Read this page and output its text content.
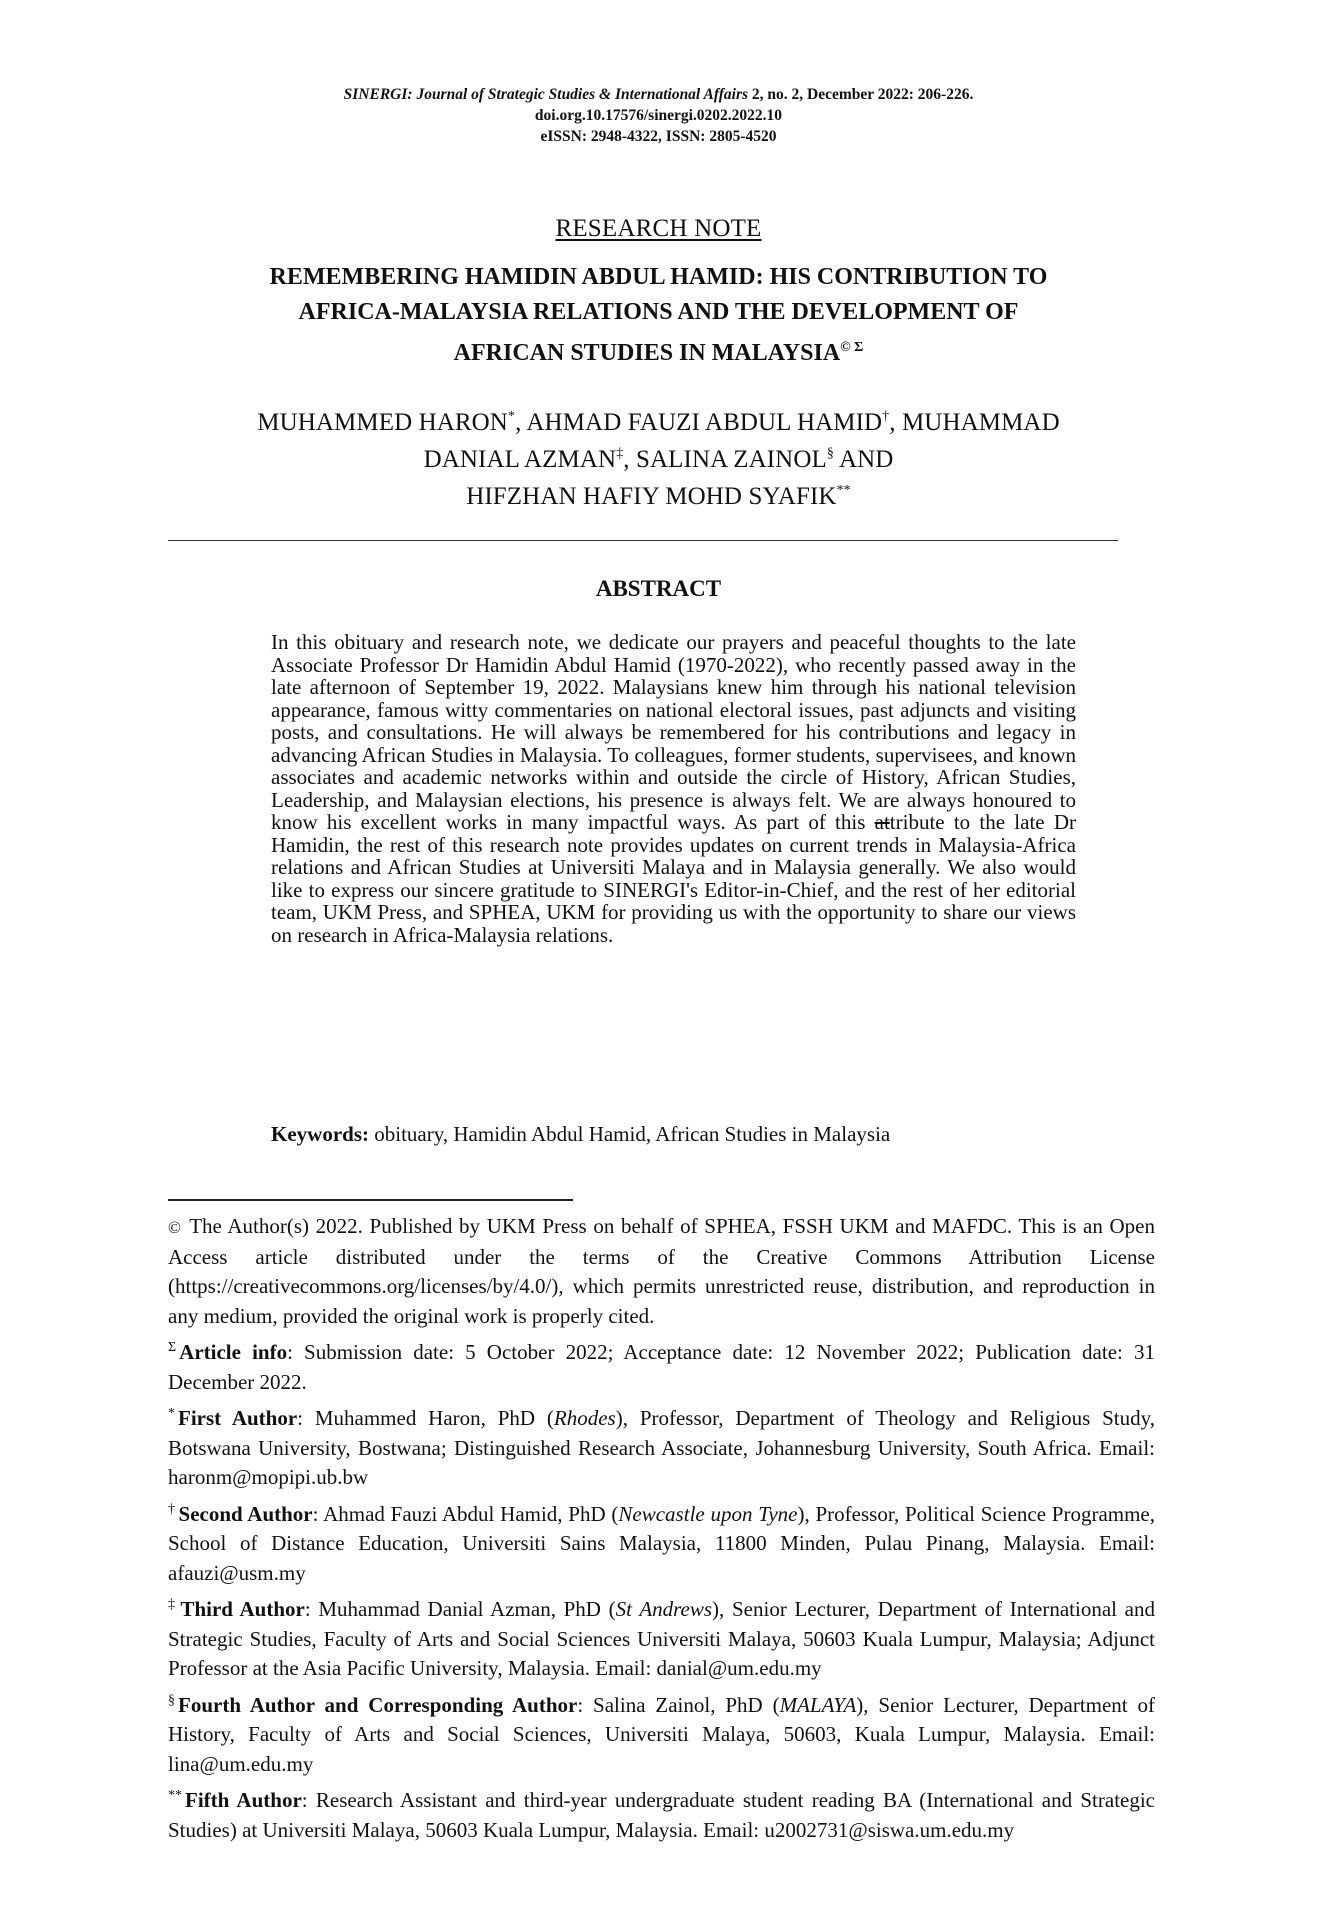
SINERGI: Journal of Strategic Studies & International Affairs 2, no. 2, December 2022: 206-226.
doi.org.10.17576/sinergi.0202.2022.10
eISSN: 2948-4322, ISSN: 2805-4520
RESEARCH NOTE
REMEMBERING HAMIDIN ABDUL HAMID: HIS CONTRIBUTION TO
AFRICA-MALAYSIA RELATIONS AND THE DEVELOPMENT OF
AFRICAN STUDIES IN $MALAYSIA^{© \Sigma}$
MUHAMMED HARON*, AHMAD FAUZI ABDUL HAMID†, MUHAMMAD
DANIAL AZMAN‡, SALINA ZAINOL§ AND
HIFZHAN HAFIY MOHD SYAFIK**
ABSTRACT
In this obituary and research note, we dedicate our prayers and peaceful thoughts to the late Associate Professor Dr Hamidin Abdul Hamid (1970-2022), who recently passed away in the late afternoon of September 19, 2022. Malaysians knew him through his national television appearance, famous witty commentaries on national electoral issues, past adjuncts and visiting posts, and consultations. He will always be remembered for his contributions and legacy in advancing African Studies in Malaysia. To colleagues, former students, supervisees, and known associates and academic networks within and outside the circle of History, African Studies, Leadership, and Malaysian elections, his presence is always felt. We are always honoured to know his excellent works in many impactful ways. As part of this attribute to the late Dr Hamidin, the rest of this research note provides updates on current trends in Malaysia-Africa relations and African Studies at Universiti Malaya and in Malaysia generally. We also would like to express our sincere gratitude to SINERGI's Editor-in-Chief, and the rest of her editorial team, UKM Press, and SPHEA, UKM for providing us with the opportunity to share our views on research in Africa-Malaysia relations.
Keywords: obituary, Hamidin Abdul Hamid, African Studies in Malaysia
© The Author(s) 2022. Published by UKM Press on behalf of SPHEA, FSSH UKM and MAFDC. This is an Open Access article distributed under the terms of the Creative Commons Attribution License (https://creativecommons.org/licenses/by/4.0/), which permits unrestricted reuse, distribution, and reproduction in any medium, provided the original work is properly cited.
$^\Sigma$ Article info: Submission date: 5 October 2022; Acceptance date: 12 November 2022; Publication date: 31 December 2022.
* First Author: Muhammed Haron, PhD (Rhodes), Professor, Department of Theology and Religious Study, Botswana University, Bostwana; Distinguished Research Associate, Johannesburg University, South Africa. Email: haronm@mopipi.ub.bw
† Second Author: Ahmad Fauzi Abdul Hamid, PhD (Newcastle upon Tyne), Professor, Political Science Programme, School of Distance Education, Universiti Sains Malaysia, 11800 Minden, Pulau Pinang, Malaysia. Email: afauzi@usm.my
‡ Third Author: Muhammad Danial Azman, PhD (St Andrews), Senior Lecturer, Department of International and Strategic Studies, Faculty of Arts and Social Sciences Universiti Malaya, 50603 Kuala Lumpur, Malaysia; Adjunct Professor at the Asia Pacific University, Malaysia. Email: danial@um.edu.my
§ Fourth Author and Corresponding Author: Salina Zainol, PhD (MALAYA), Senior Lecturer, Department of History, Faculty of Arts and Social Sciences, Universiti Malaya, 50603, Kuala Lumpur, Malaysia. Email: lina@um.edu.my
** Fifth Author: Research Assistant and third-year undergraduate student reading BA (International and Strategic Studies) at Universiti Malaya, 50603 Kuala Lumpur, Malaysia. Email: u2002731@siswa.um.edu.my
